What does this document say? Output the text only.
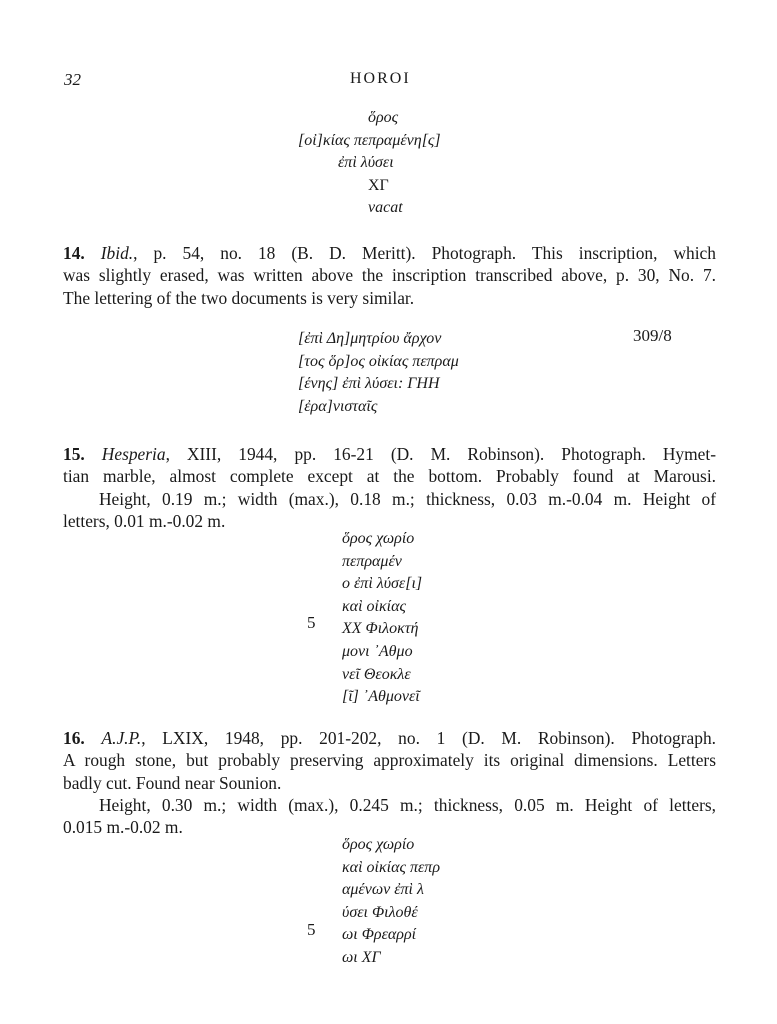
32	HOROI
ὅρος
[οἰ]κίας πεπραμένη[ς]
ἐπὶ λύσει
ΧΓ
vacat
14. Ibid., p. 54, no. 18 (B. D. Meritt). Photograph. This inscription, which
was slightly erased, was written above the inscription transcribed above, p. 30, No. 7.
The lettering of the two documents is very similar.
[ἐπὶ Δη]μητρίου ἄρχον
[τος ὅρ]ος οἰκίας πεπραμ
[ένης] ἐπὶ λύσει: ΓΗΗ
[ἐρα]νισταῖς
309/8
15. Hesperia, XIII, 1944, pp. 16-21 (D. M. Robinson). Photograph. Hymet-
tian marble, almost complete except at the bottom. Probably found at Marousi.
Height, 0.19 m.; width (max.), 0.18 m.; thickness, 0.03 m.-0.04 m. Height of
letters, 0.01 m.-0.02 m.
ὅρος χωρίο
πεπραμέν
ο ἐπὶ λύσε[ι]
καὶ οἰκίας
ΧΧ Φιλοκτή
μονι ᾿Αθμο
νεῖ Θεοκλε
[ῖ] ᾿Αθμονεῖ
5
16. A.J.P., LXIX, 1948, pp. 201-202, no. 1 (D. M. Robinson). Photograph.
A rough stone, but probably preserving approximately its original dimensions. Letters
badly cut. Found near Sounion.
Height, 0.30 m.; width (max.), 0.245 m.; thickness, 0.05 m. Height of letters,
0.015 m.-0.02 m.
ὅρος χωρίο
καὶ οἰκίας πεπρ
αμένων ἐπὶ λ
ύσει Φιλοθέ
ωι Φρεαρρί
ωι ΧΓ
5
